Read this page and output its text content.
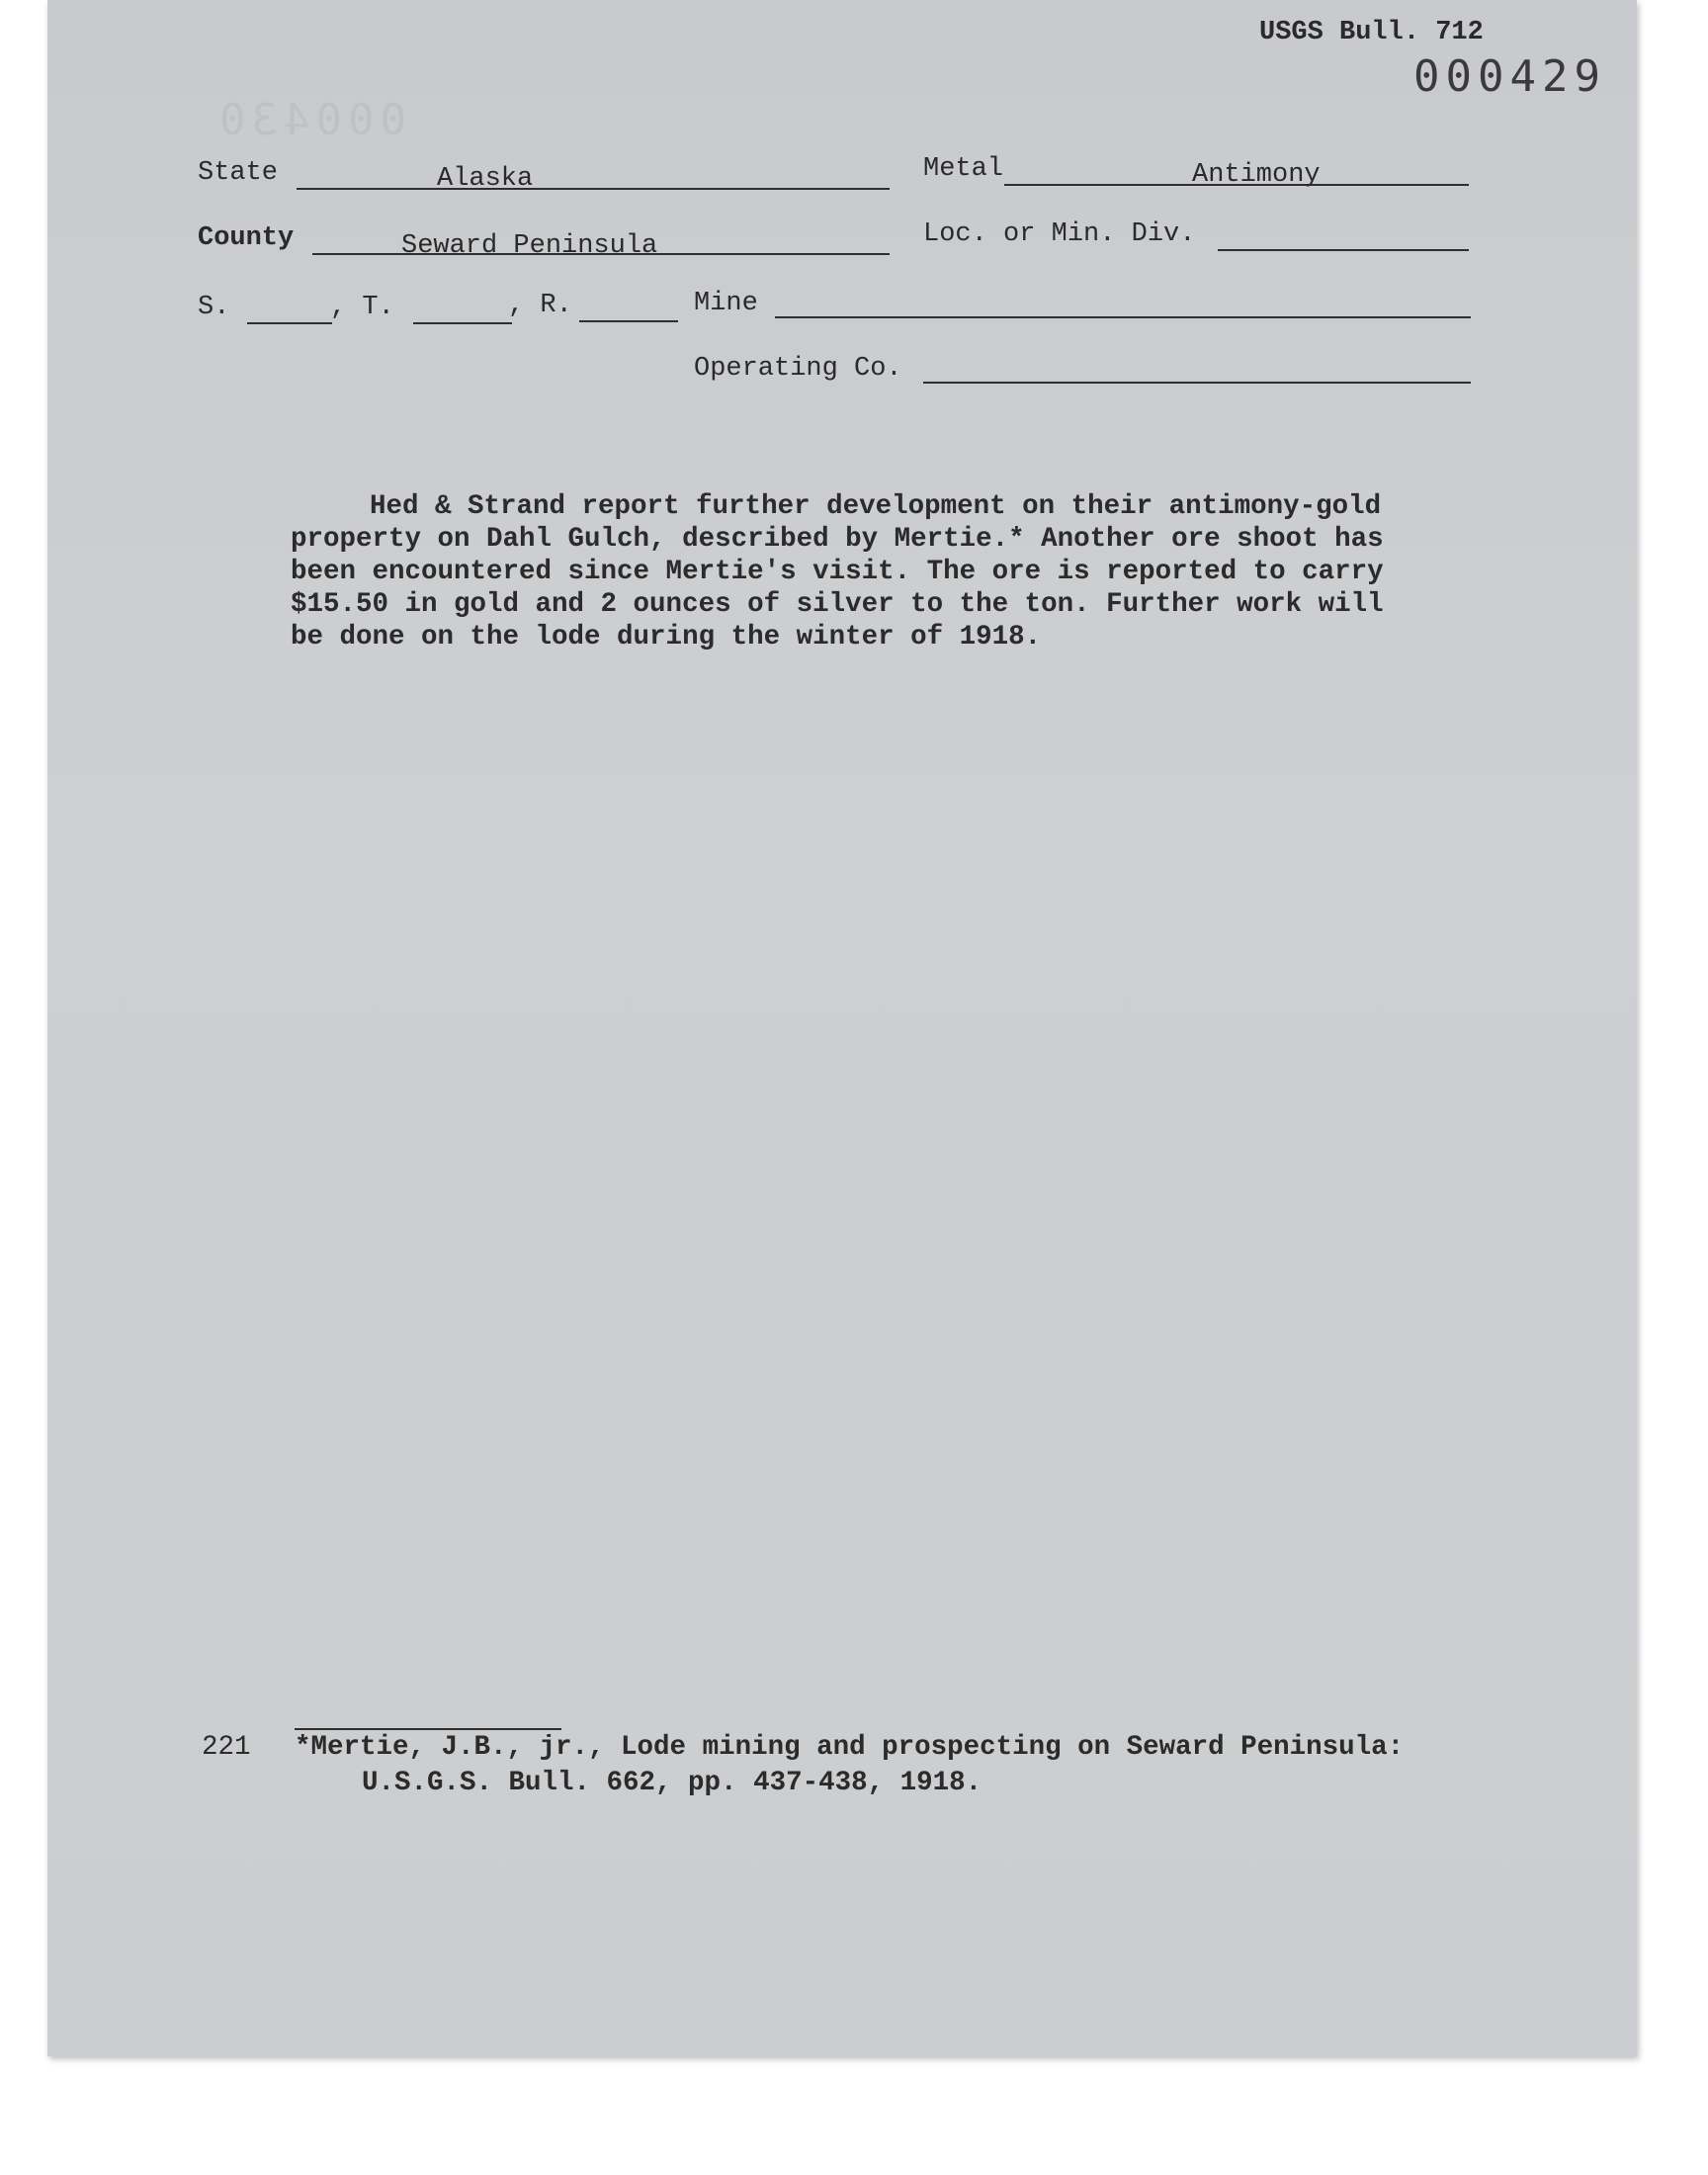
USGS Bull. 712
000429
000430
State	Alaska	Metal	Antimony
County	Seward Peninsula	Loc. or Min. Div.
S.	, T.	, R.	Mine
Operating Co.
Hed & Strand report further development on their antimony-gold
property on Dahl Gulch, described by Mertie.* Another ore shoot has
been encountered since Mertie's visit. The ore is reported to carry
$15.50 in gold and 2 ounces of silver to the ton. Further work will
be done on the lode during the winter of 1918.
221 *Mertie, J.B., jr., Lode mining and prospecting on Seward Peninsula:
U.S.G.S. Bull. 662, pp. 437-438, 1918.
